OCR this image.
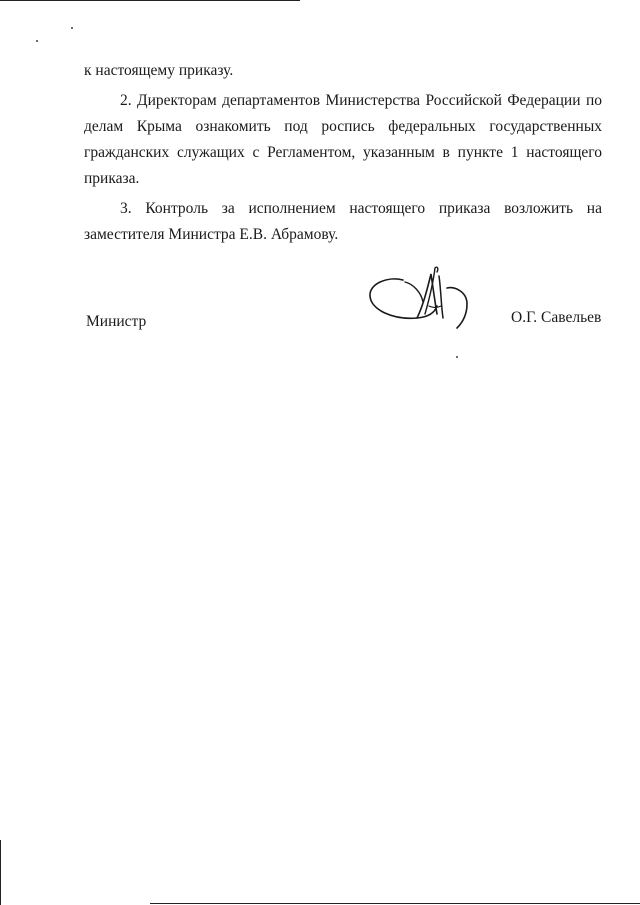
к настоящему приказу.

2. Директорам департаментов Министерства Российской Федерации по делам Крыма ознакомить под роспись федеральных государственных гражданских служащих с Регламентом, указанным в пункте 1 настоящего приказа.

3. Контроль за исполнением настоящего приказа возложить на заместителя Министра Е.В. Абрамову.

Министр	О.Г. Савельев
